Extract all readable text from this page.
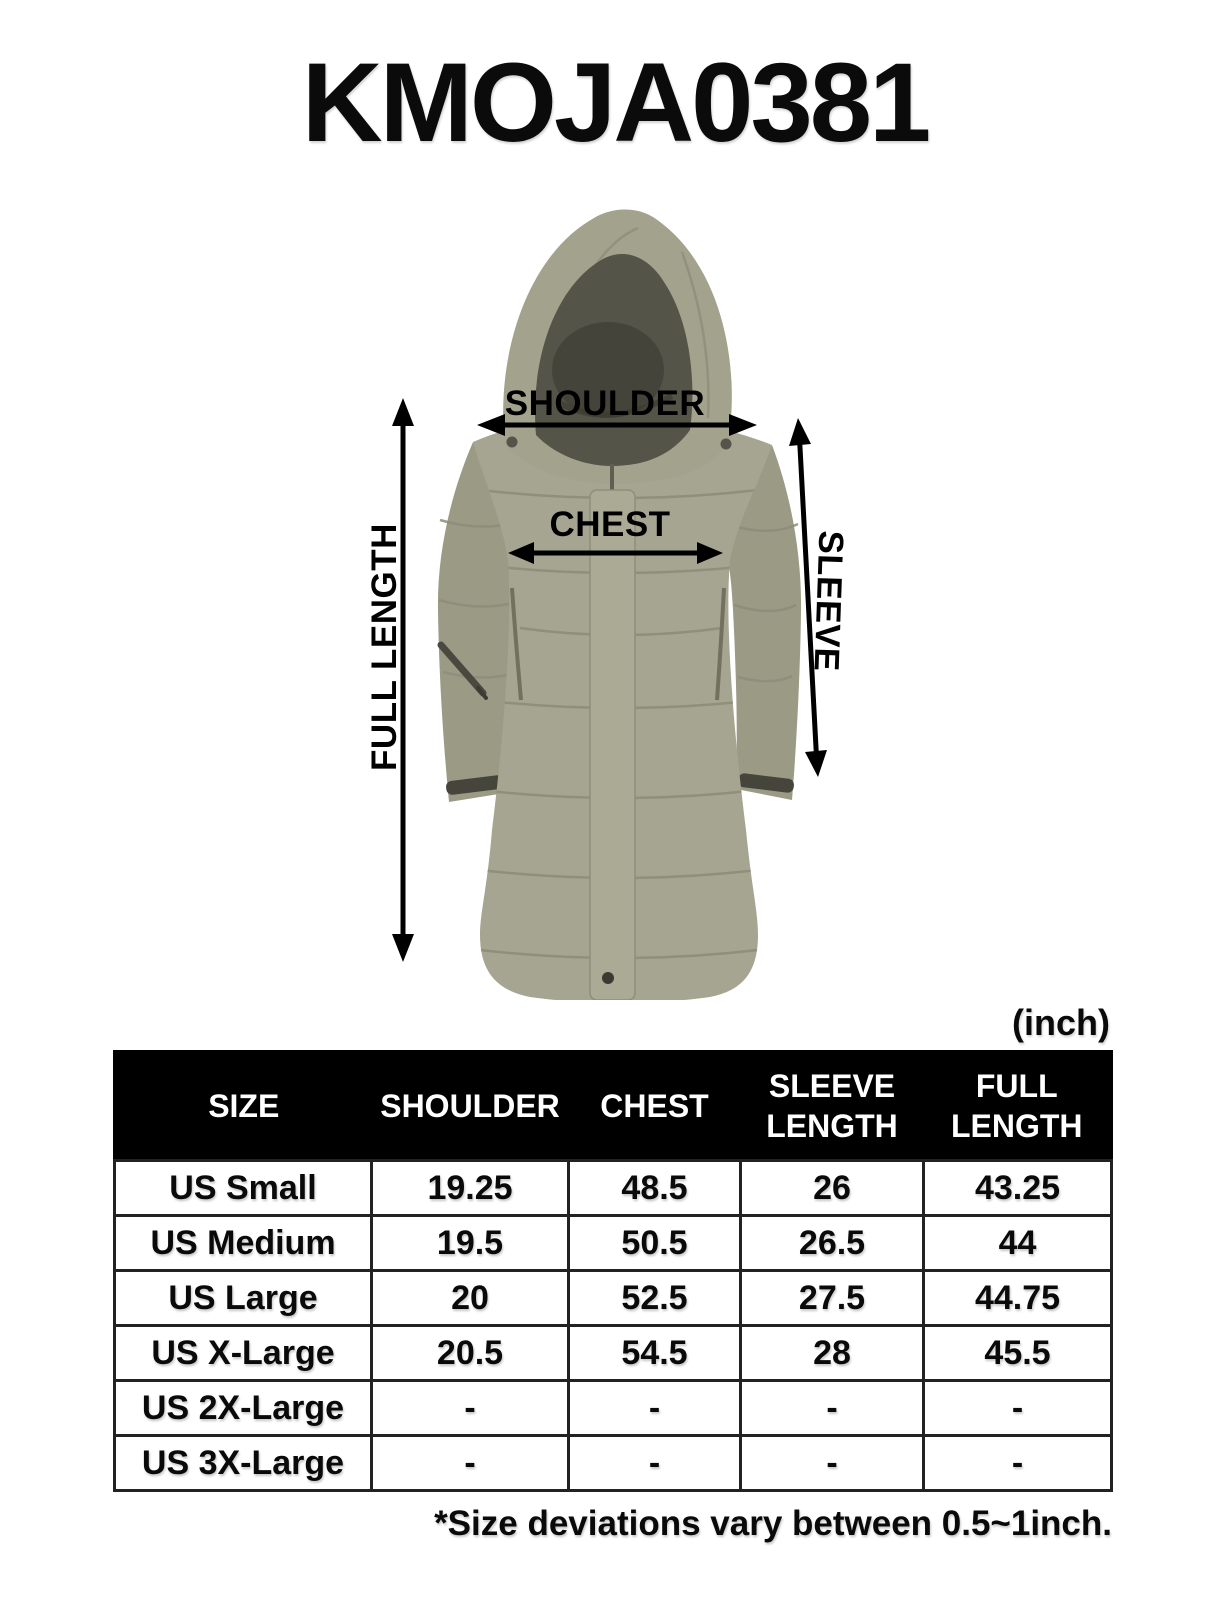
KMOJA0381
SHOULDER
CHEST
SLEEVE
FULL LENGTH
(inch)
SIZE	SHOULDER	CHEST	SLEEVE LENGTH	FULL LENGTH
US Small	19.25	48.5	26	43.25
US Medium	19.5	50.5	26.5	44
US Large	20	52.5	27.5	44.75
US X-Large	20.5	54.5	28	45.5
US 2X-Large	-	-	-	-
US 3X-Large	-	-	-	-
*Size deviations vary between 0.5~1inch.
